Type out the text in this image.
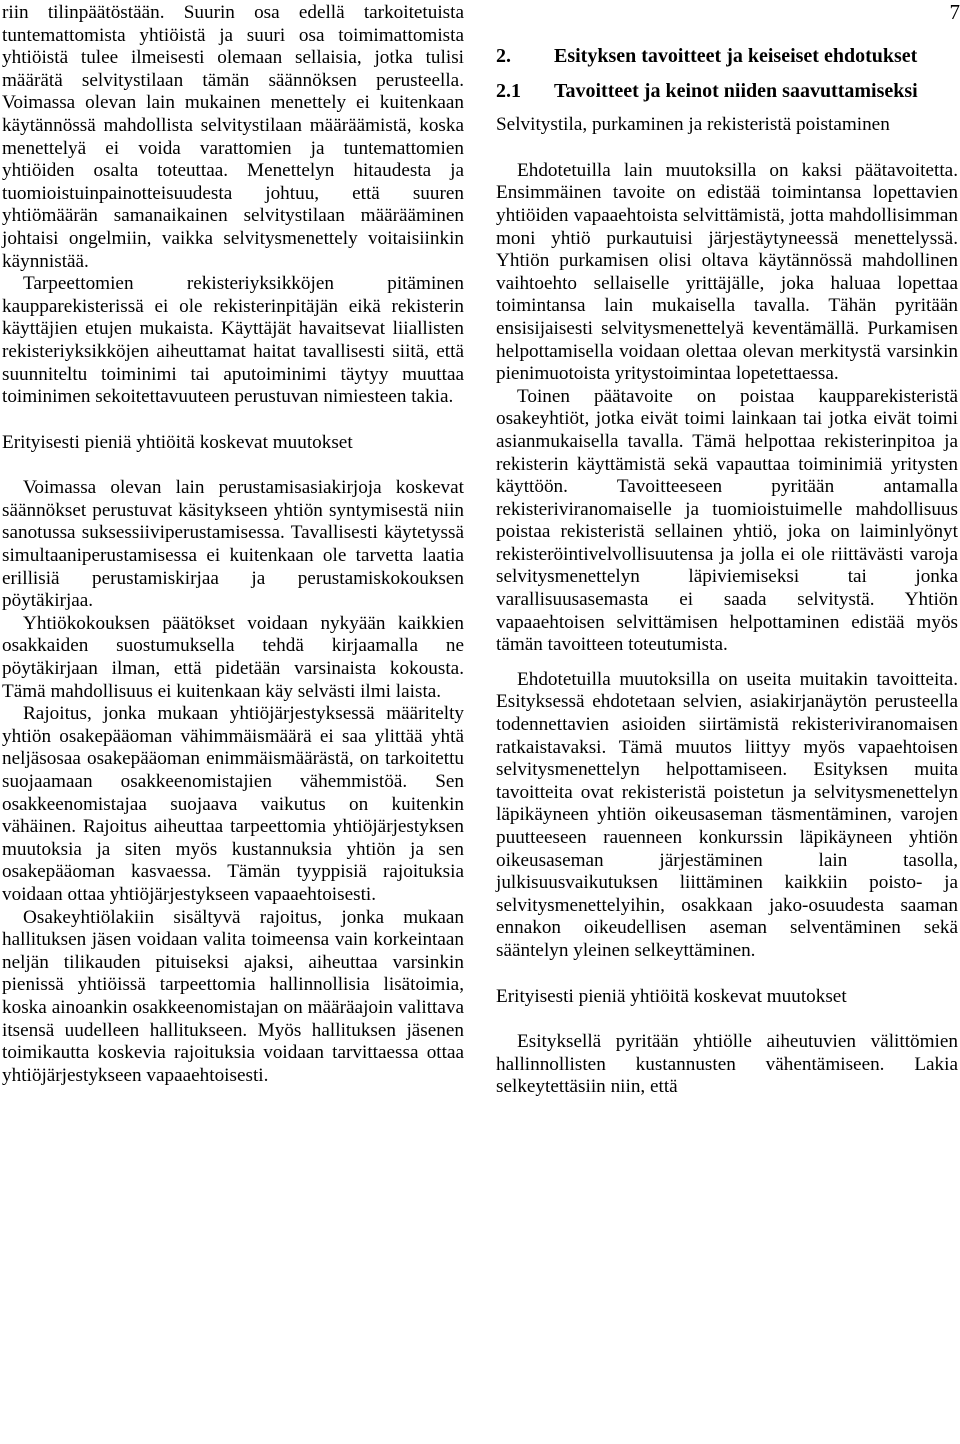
7

riin tilinpäätöstään. Suurin osa edellä tarkoitetuista tuntemattomista yhtiöistä ja suuri osa toimimattomista yhtiöistä tulee ilmeisesti olemaan sellaisia, jotka tulisi määrätä selvitystilaan tämän säännöksen perusteella. Voimassa olevan lain mukainen menettely ei kuitenkaan käytännössä mahdollista selvitystilaan määräämistä, koska menettelyä ei voida varattomien ja tuntemattomien yhtiöiden osalta toteuttaa. Menettelyn hitaudesta ja tuomioistuinpainotteisuudesta johtuu, että suuren yhtiömäärän samanaikainen selvitystilaan määrääminen johtaisi ongelmiin, vaikka selvitysmenettely voitaisiinkin käynnistää.

Tarpeettomien rekisteriyksikköjen pitäminen kaupparekisterissä ei ole rekisterinpitäjän eikä rekisterin käyttäjien etujen mukaista. Käyttäjät havaitsevat liiallisten rekisteriyksikköjen aiheuttamat haitat tavallisesti siitä, että suunniteltu toiminimi tai aputoiminimi täytyy muuttaa toiminimen sekoitettavuuteen perustuvan nimiesteen takia.

Erityisesti pieniä yhtiöitä koskevat muutokset

Voimassa olevan lain perustamisasiakirjoja koskevat säännökset perustuvat käsitykseen yhtiön syntymisestä niin sanotussa suksessiiviperustamisessa. Tavallisesti käytetyssä simultaaniperustamisessa ei kuitenkaan ole tarvetta laatia erillisiä perustamiskirjaa ja perustamiskokouksen pöytäkirjaa.

Yhtiökokouksen päätökset voidaan nykyään kaikkien osakkaiden suostumuksella tehdä kirjaamalla ne pöytäkirjaan ilman, että pidetään varsinaista kokousta. Tämä mahdollisuus ei kuitenkaan käy selvästi ilmi laista.

Rajoitus, jonka mukaan yhtiöjärjestyksessä määritelty yhtiön osakepääoman vähimmäismäärä ei saa ylittää yhtä neljäsosaa osakepääoman enimmäismäärästä, on tarkoitettu suojaamaan osakkeenomistajien vähemmistöä. Sen osakkeenomistajaa suojaava vaikutus on kuitenkin vähäinen. Rajoitus aiheuttaa tarpeettomia yhtiöjärjestyksen muutoksia ja siten myös kustannuksia yhtiön ja sen osakepääoman kasvaessa. Tämän tyyppisiä rajoituksia voidaan ottaa yhtiöjärjestykseen vapaaehtoisesti.

Osakeyhtiölakiin sisältyvä rajoitus, jonka mukaan hallituksen jäsen voidaan valita toimeensa vain korkeintaan neljän tilikauden pituiseksi ajaksi, aiheuttaa varsinkin pienissä yhtiöissä tarpeettomia hallinnollisia lisätoimia, koska ainoankin osakkeenomistajan on määräajoin valittava itsensä uudelleen hallitukseen. Myös hallituksen jäsenen toimikautta koskevia rajoituksia voidaan tarvittaessa ottaa yhtiöjärjestykseen vapaaehtoisesti.

2.	Esityksen tavoitteet ja keiseiset ehdotukset
2.1	Tavoitteet ja keinot niiden saavuttamiseksi

Selvitystila, purkaminen ja rekisteristä poistaminen

Ehdotetuilla lain muutoksilla on kaksi päätavoitetta. Ensimmäinen tavoite on edistää toimintansa lopettavien yhtiöiden vapaaehtoista selvittämistä, jotta mahdollisimman moni yhtiö purkautuisi järjestäytyneessä menettelyssä. Yhtiön purkamisen olisi oltava käytännössä mahdollinen vaihtoehto sellaiselle yrittäjälle, joka haluaa lopettaa toimintansa lain mukaisella tavalla. Tähän pyritään ensisijaisesti selvitysmenettelyä keventämällä. Purkamisen helpottamisella voidaan olettaa olevan merkitystä varsinkin pienimuotoista yritystoimintaa lopetettaessa.

Toinen päätavoite on poistaa kaupparekisteristä osakeyhtiöt, jotka eivät toimi lainkaan tai jotka eivät toimi asianmukaisella tavalla. Tämä helpottaa rekisterinpitoa ja rekisterin käyttämistä sekä vapauttaa toiminimiä yritysten käyttöön. Tavoitteeseen pyritään antamalla rekisteriviranomaiselle ja tuomioistuimelle mahdollisuus poistaa rekisteristä sellainen yhtiö, joka on laiminlyönyt rekisteröintivelvollisuutensa ja jolla ei ole riittävästi varoja selvitysmenettelyn läpiviemiseksi tai jonka varallisuusasemasta ei saada selvitystä. Yhtiön vapaaehtoisen selvittämisen helpottaminen edistää myös tämän tavoitteen toteutumista.

Ehdotetuilla muutoksilla on useita muitakin tavoitteita. Esityksessä ehdotetaan selvien, asiakirjanäytön perusteella todennettavien asioiden siirtämistä rekisteriviranomaisen ratkaistavaksi. Tämä muutos liittyy myös vapaehtoisen selvitysmenettelyn helpottamiseen. Esityksen muita tavoitteita ovat rekisteristä poistetun ja selvitysmenettelyn läpikäyneen yhtiön oikeusaseman täsmentäminen, varojen puutteeseen rauenneen konkurssin läpikäyneen yhtiön oikeusaseman järjestäminen lain tasolla, julkisuusvaikutuksen liittäminen kaikkiin poisto- ja selvitysmenettelyihin, osakkaan jako-osuudesta saaman ennakon oikeudellisen aseman selventäminen sekä sääntelyn yleinen selkeyttäminen.

Erityisesti pieniä yhtiöitä koskevat muutokset

Esityksellä pyritään yhtiölle aiheutuvien välittömien hallinnollisten kustannusten vähentämiseen. Lakia selkeytettäsiin niin, että
